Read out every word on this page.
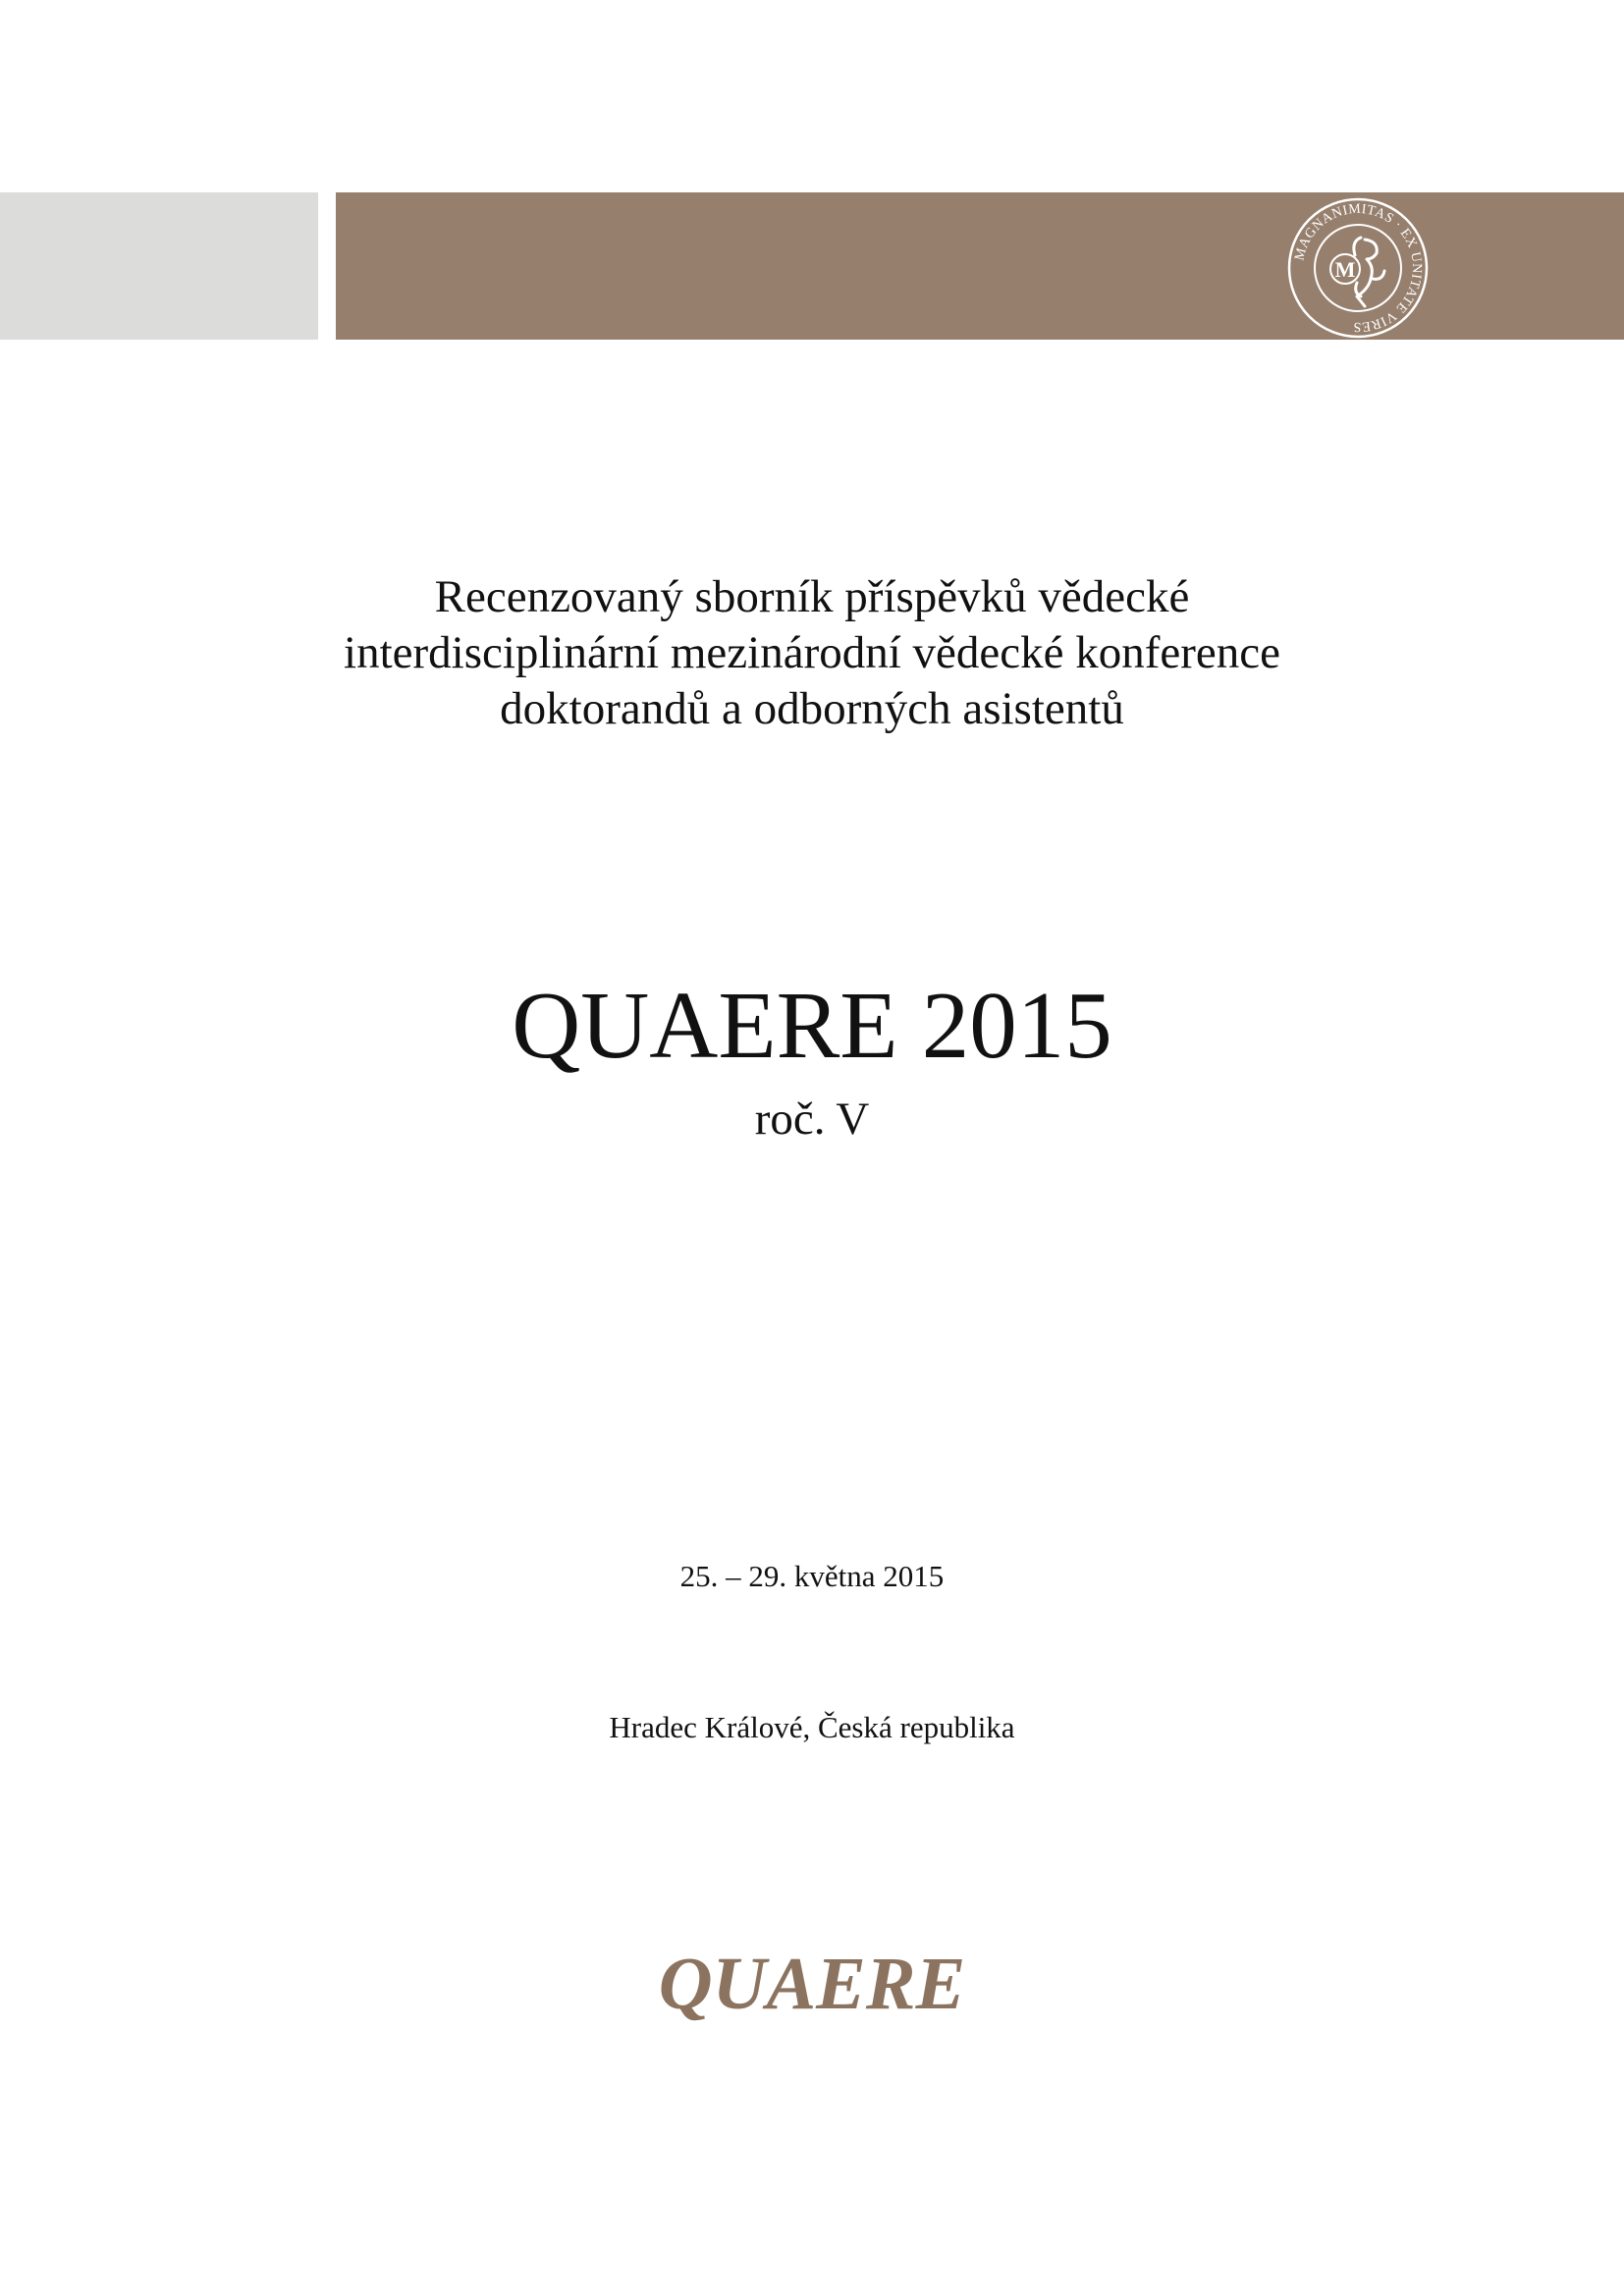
MAGNANIMITAS · EX UNITATE VIRES
M
Recenzovaný sborník příspěvků vědecké
interdisciplinární mezinárodní vědecké konference
doktorandů a odborných asistentů
QUAERE 2015
roč. V
25. – 29. května 2015
Hradec Králové, Česká republika
QUAERE
